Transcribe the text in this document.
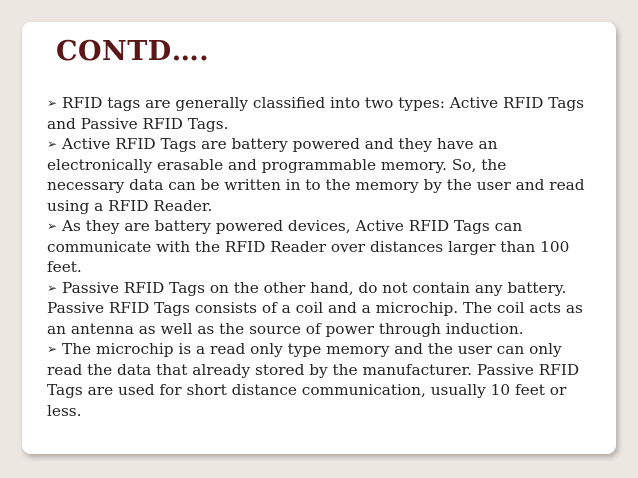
CONTD….
➢ RFID tags are generally classified into two types: Active RFID Tags and Passive RFID Tags.
➢ Active RFID Tags are battery powered and they have an electronically erasable and programmable memory. So, the necessary data can be written in to the memory by the user and read using a RFID Reader.
➢ As they are battery powered devices, Active RFID Tags can communicate with the RFID Reader over distances larger than 100 feet.
➢ Passive RFID Tags on the other hand, do not contain any battery. Passive RFID Tags consists of a coil and a microchip. The coil acts as an antenna as well as the source of power through induction.
➢ The microchip is a read only type memory and the user can only read the data that already stored by the manufacturer. Passive RFID Tags are used for short distance communication, usually 10 feet or less.
